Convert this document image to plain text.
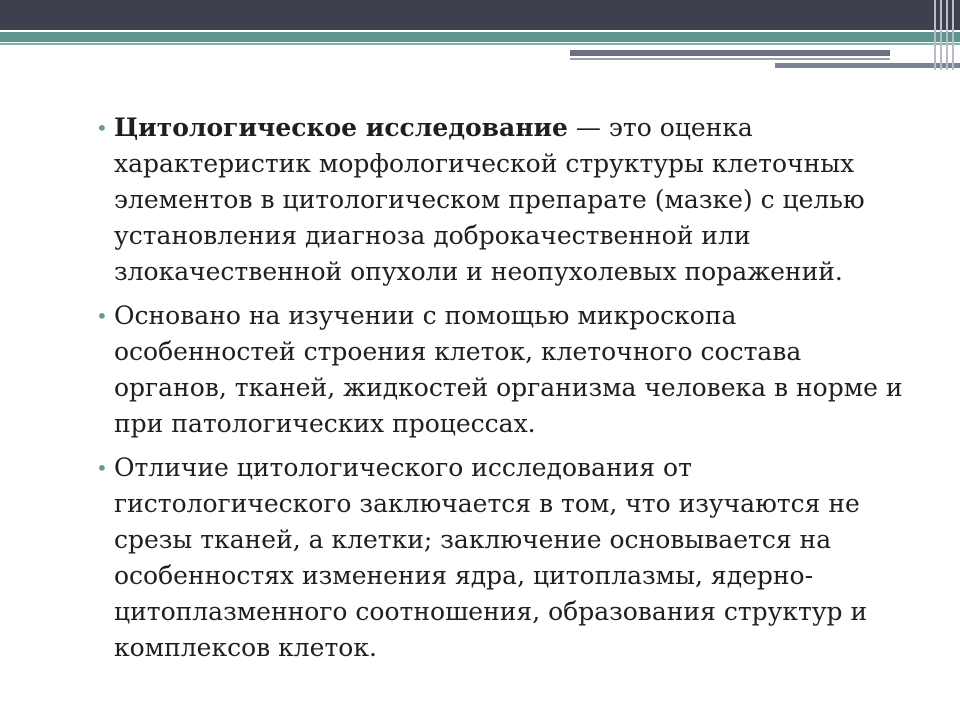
• Цитологическое исследование — это оценка характеристик морфологической структуры клеточных элементов в цитологическом препарате (мазке) с целью установления диагноза доброкачественной или злокачественной опухоли и неопухолевых поражений.
• Основано на изучении с помощью микроскопа особенностей строения клеток, клеточного состава органов, тканей, жидкостей организма человека в норме и при патологических процессах.
• Отличие цитологического исследования от гистологического заключается в том, что изучаются не срезы тканей, а клетки; заключение основывается на особенностях изменения ядра, цитоплазмы, ядерно-цитоплазменного соотношения, образования структур и комплексов клеток.
